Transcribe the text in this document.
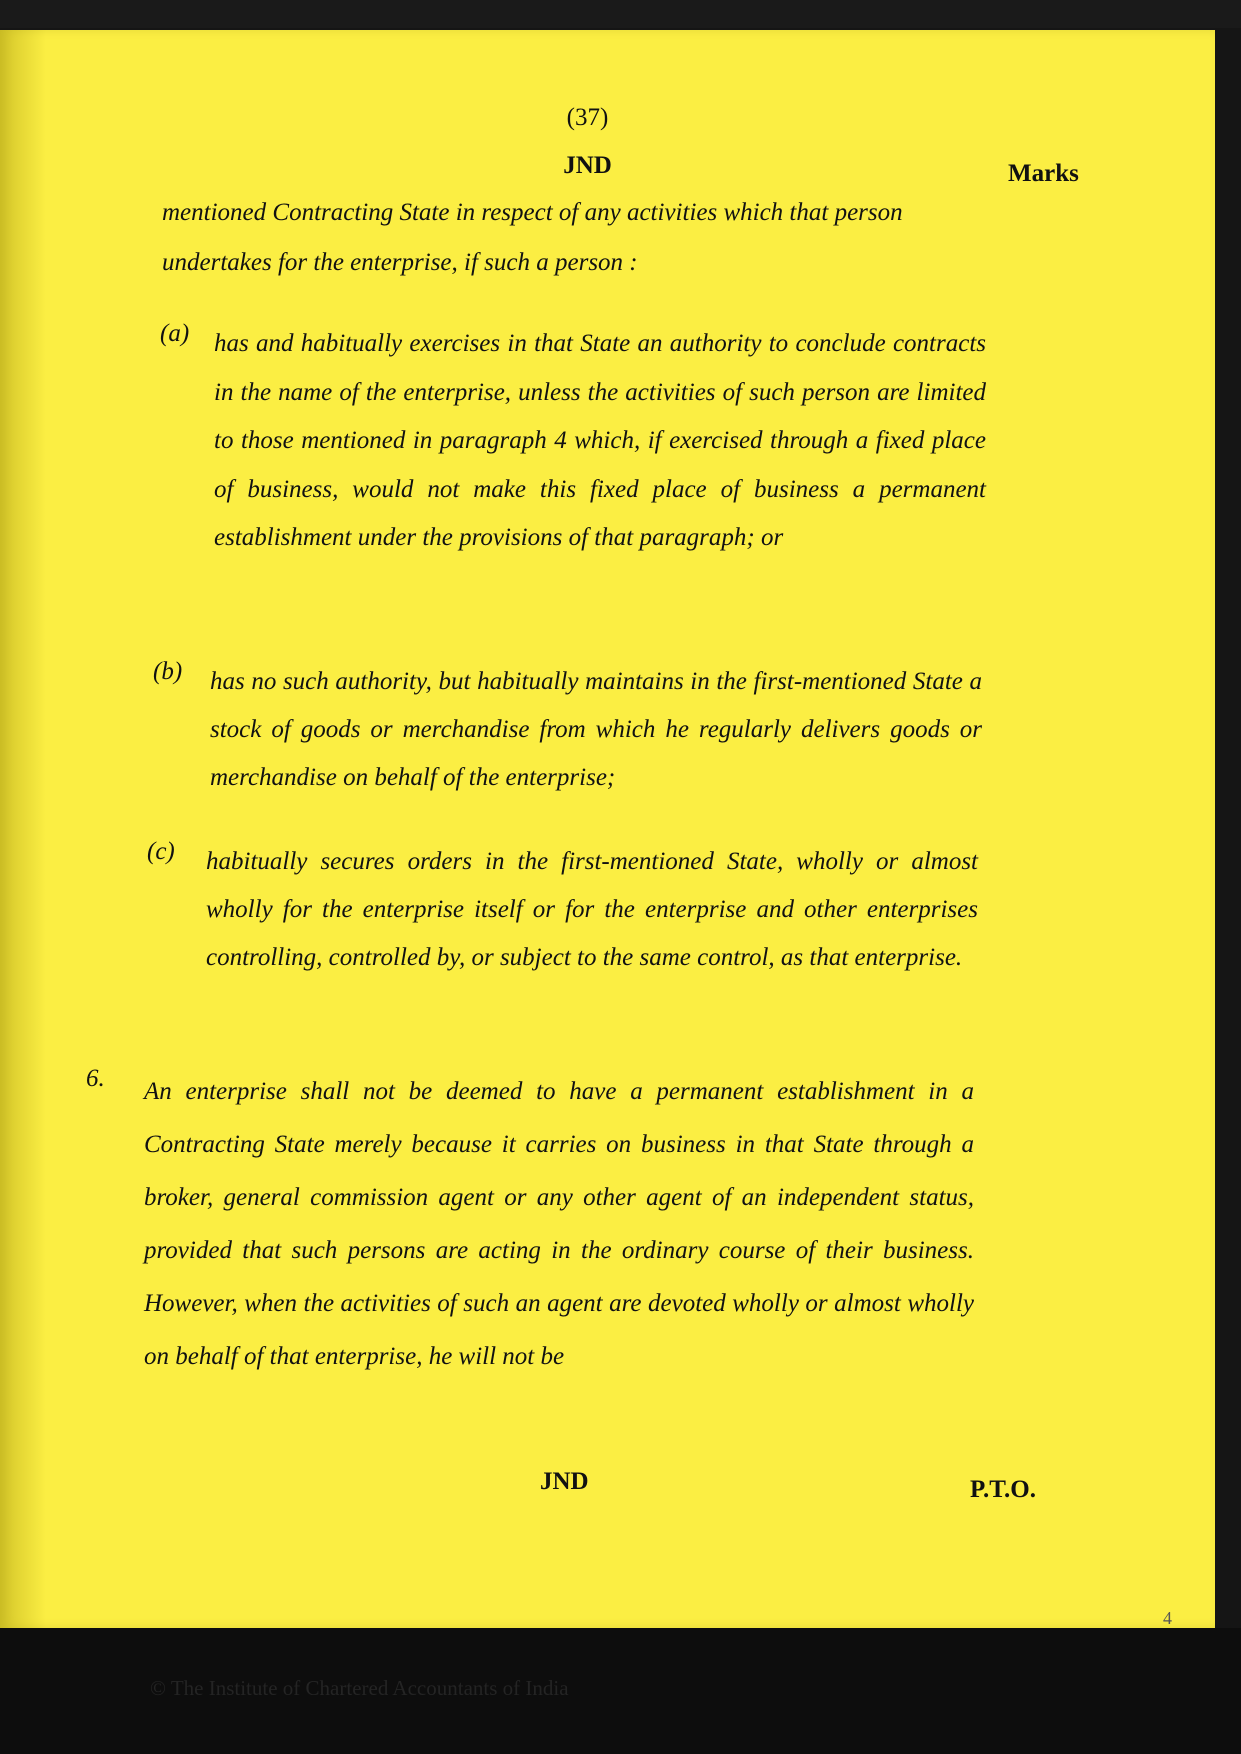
(37)
JND	Marks

mentioned Contracting State in respect of any activities which that person

undertakes for the enterprise, if such a person :

(a) has and habitually exercises in that State an authority to conclude contracts in the name of the enterprise, unless the activities of such person are limited to those mentioned in paragraph 4 which, if exercised through a fixed place of business, would not make this fixed place of business a permanent establishment under the provisions of that paragraph; or
(b) has no such authority, but habitually maintains in the first-mentioned State a stock of goods or merchandise from which he regularly delivers goods or merchandise on behalf of the enterprise;
(c) habitually secures orders in the first-mentioned State, wholly or almost wholly for the enterprise itself or for the enterprise and other enterprises controlling, controlled by, or subject to the same control, as that enterprise.
6. An enterprise shall not be deemed to have a permanent establishment in a Contracting State merely because it carries on business in that State through a broker, general commission agent or any other agent of an independent status, provided that such persons are acting in the ordinary course of their business. However, when the activities of such an agent are devoted wholly or almost wholly on behalf of that enterprise, he will not be
JND	P.T.O.
4
© The Institute of Chartered Accountants of India
